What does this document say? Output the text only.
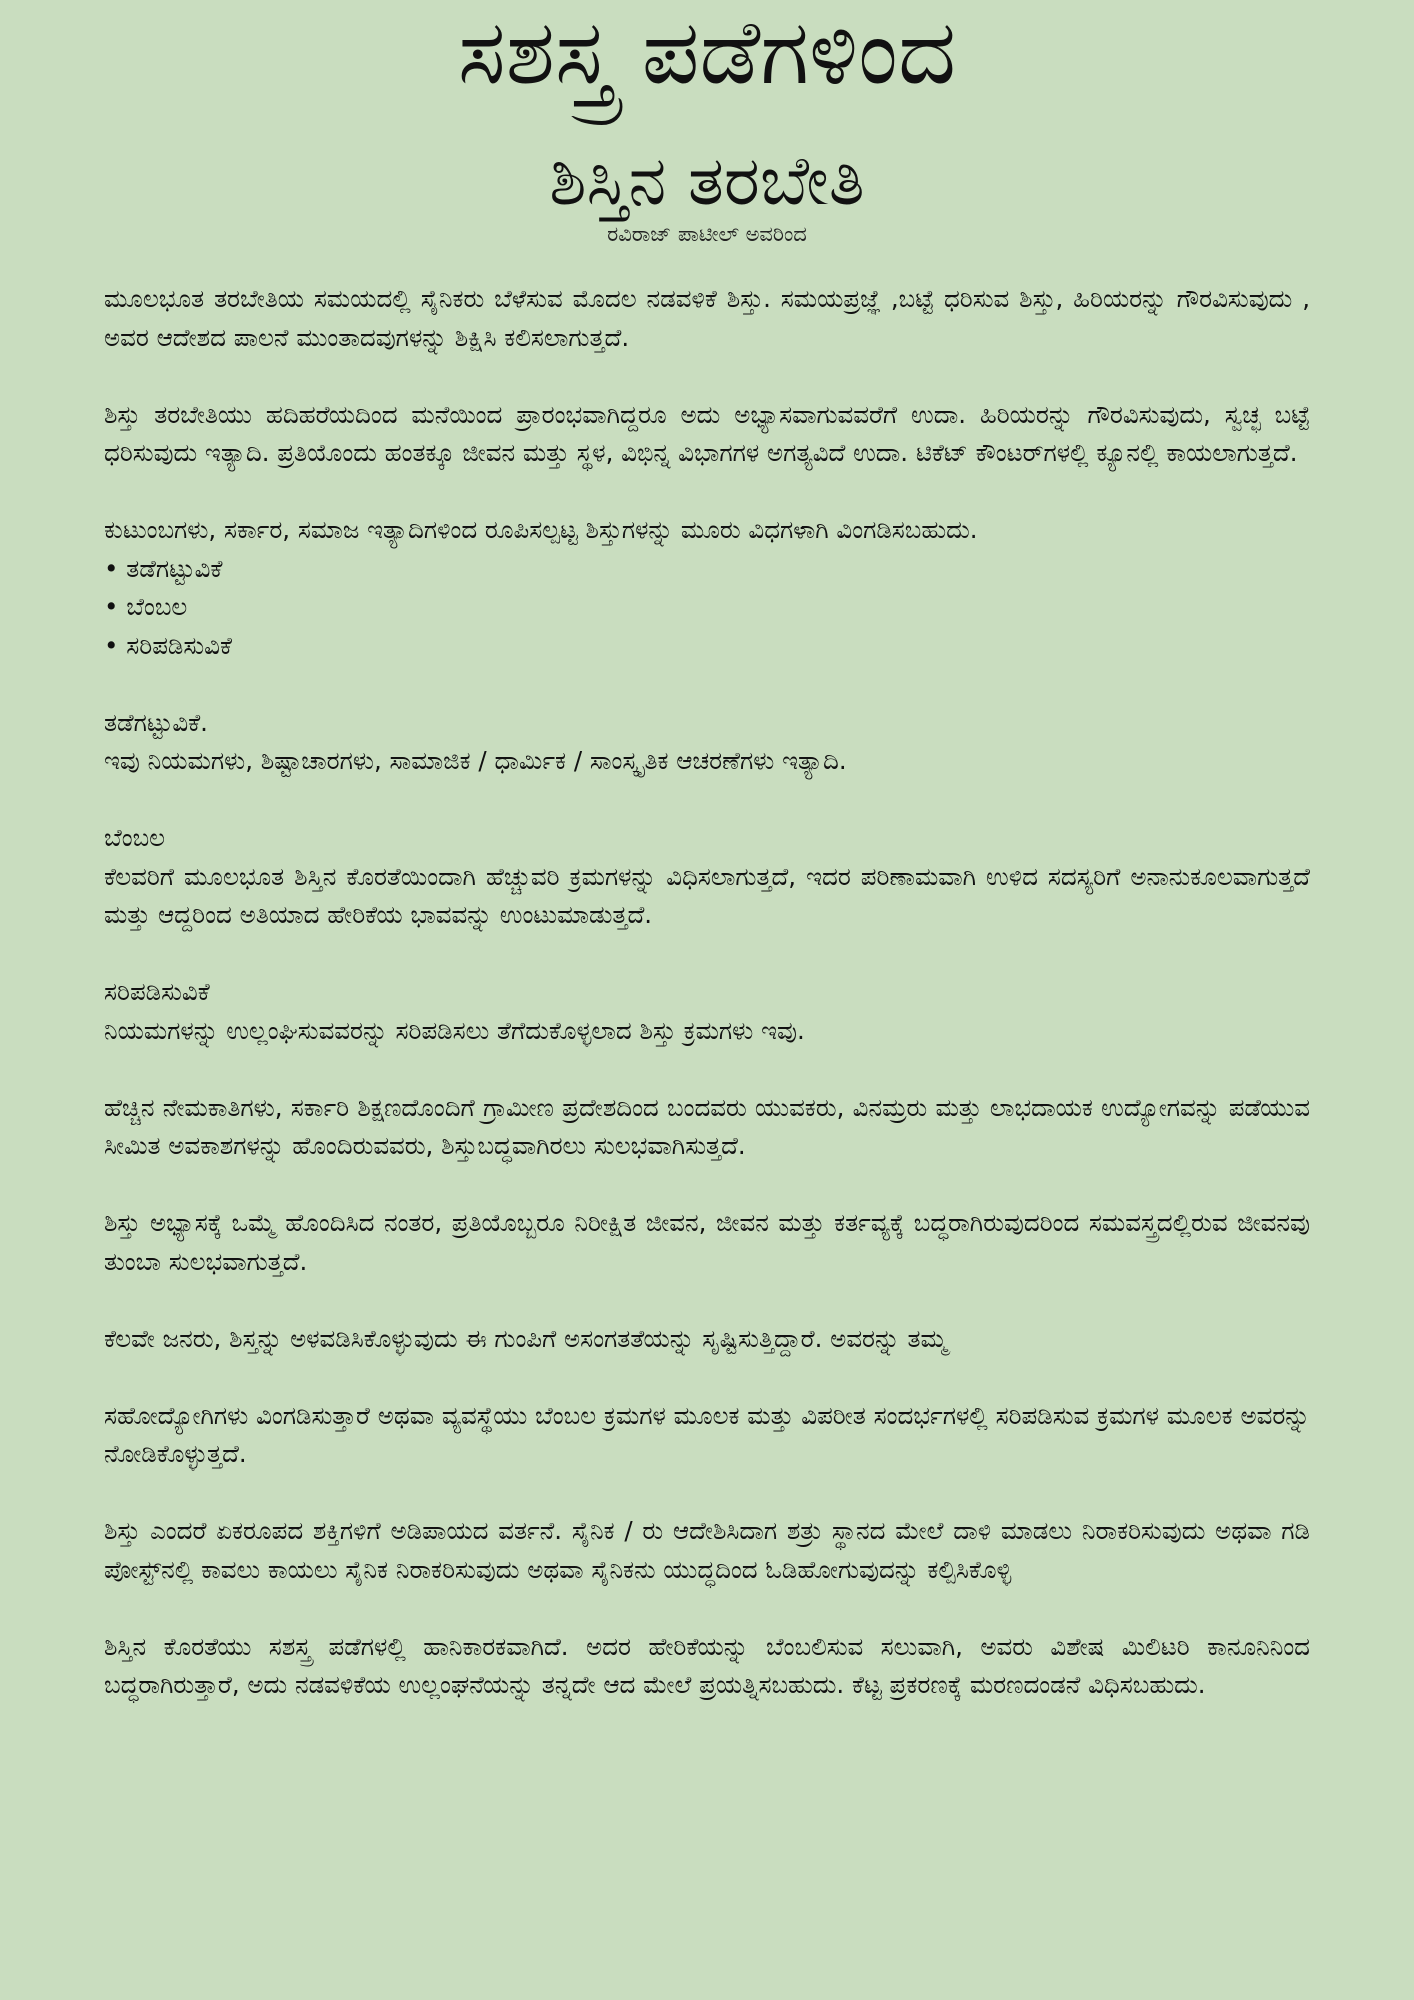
ಸಶಸ್ತ್ರ ಪಡೆಗಳಿಂದ
ಶಿಸ್ತಿನ ತರಬೇತಿ
ರವಿರಾಜ್ ಪಾಟೀಲ್ ಅವರಿಂದ

ಮೂಲಭೂತ ತರಬೇತಿಯ ಸಮಯದಲ್ಲಿ ಸೈನಿಕರು ಬೆಳೆಸುವ ಮೊದಲ ನಡವಳಿಕೆ ಶಿಸ್ತು. ಸಮಯಪ್ರಜ್ಞೆ ,ಬಟ್ಟೆ ಧರಿಸುವ ಶಿಸ್ತು, ಹಿರಿಯರನ್ನು ಗೌರವಿಸುವುದು , ಅವರ ಆದೇಶದ ಪಾಲನೆ ಮುಂತಾದವುಗಳನ್ನು ಶಿಕ್ಷಿಸಿ ಕಲಿಸಲಾಗುತ್ತದೆ.

ಶಿಸ್ತು ತರಬೇತಿಯು ಹದಿಹರೆಯದಿಂದ ಮನೆಯಿಂದ ಪ್ರಾರಂಭವಾಗಿದ್ದರೂ ಅದು ಅಭ್ಯಾಸವಾಗುವವರೆಗೆ ಉದಾ. ಹಿರಿಯರನ್ನು ಗೌರವಿಸುವುದು, ಸ್ವಚ್ಛ ಬಟ್ಟೆ ಧರಿಸುವುದು ಇತ್ಯಾದಿ. ಪ್ರತಿಯೊಂದು ಹಂತಕ್ಕೂ ಜೀವನ ಮತ್ತು ಸ್ಥಳ, ವಿಭಿನ್ನ ವಿಭಾಗಗಳ ಅಗತ್ಯವಿದೆ ಉದಾ. ಟಿಕೆಟ್ ಕೌಂಟರ್‌ಗಳಲ್ಲಿ ಕ್ಯೂನಲ್ಲಿ ಕಾಯಲಾಗುತ್ತದೆ.

ಕುಟುಂಬಗಳು, ಸರ್ಕಾರ, ಸಮಾಜ ಇತ್ಯಾದಿಗಳಿಂದ ರೂಪಿಸಲ್ಪಟ್ಟ ಶಿಸ್ತುಗಳನ್ನು ಮೂರು ವಿಧಗಳಾಗಿ ವಿಂಗಡಿಸಬಹುದು.

• ತಡೆಗಟ್ಟುವಿಕೆ
• ಬೆಂಬಲ
• ಸರಿಪಡಿಸುವಿಕೆ
ತಡೆಗಟ್ಟುವಿಕೆ.

ಇವು ನಿಯಮಗಳು, ಶಿಷ್ಟಾಚಾರಗಳು, ಸಾಮಾಜಿಕ / ಧಾರ್ಮಿಕ / ಸಾಂಸ್ಕೃತಿಕ ಆಚರಣೆಗಳು ಇತ್ಯಾದಿ.

ಬೆಂಬಲ

ಕೆಲವರಿಗೆ ಮೂಲಭೂತ ಶಿಸ್ತಿನ ಕೊರತೆಯಿಂದಾಗಿ ಹೆಚ್ಚುವರಿ ಕ್ರಮಗಳನ್ನು ವಿಧಿಸಲಾಗುತ್ತದೆ, ಇದರ ಪರಿಣಾಮವಾಗಿ ಉಳಿದ ಸದಸ್ಯರಿಗೆ ಅನಾನುಕೂಲವಾಗುತ್ತದೆ ಮತ್ತು ಆದ್ದರಿಂದ ಅತಿಯಾದ ಹೇರಿಕೆಯ ಭಾವವನ್ನು ಉಂಟುಮಾಡುತ್ತದೆ.

ಸರಿಪಡಿಸುವಿಕೆ

ನಿಯಮಗಳನ್ನು ಉಲ್ಲಂಘಿಸುವವರನ್ನು ಸರಿಪಡಿಸಲು ತೆಗೆದುಕೊಳ್ಳಲಾದ ಶಿಸ್ತು ಕ್ರಮಗಳು ಇವು.

ಹೆಚ್ಚಿನ ನೇಮಕಾತಿಗಳು, ಸರ್ಕಾರಿ ಶಿಕ್ಷಣದೊಂದಿಗೆ ಗ್ರಾಮೀಣ ಪ್ರದೇಶದಿಂದ ಬಂದವರು ಯುವಕರು, ವಿನಮ್ರರು ಮತ್ತು ಲಾಭದಾಯಕ ಉದ್ಯೋಗವನ್ನು ಪಡೆಯುವ ಸೀಮಿತ ಅವಕಾಶಗಳನ್ನು ಹೊಂದಿರುವವರು, ಶಿಸ್ತುಬದ್ಧವಾಗಿರಲು ಸುಲಭವಾಗಿಸುತ್ತದೆ.

ಶಿಸ್ತು ಅಭ್ಯಾಸಕ್ಕೆ ಒಮ್ಮೆ ಹೊಂದಿಸಿದ ನಂತರ, ಪ್ರತಿಯೊಬ್ಬರೂ ನಿರೀಕ್ಷಿತ ಜೀವನ, ಜೀವನ ಮತ್ತು ಕರ್ತವ್ಯಕ್ಕೆ ಬದ್ಧರಾಗಿರುವುದರಿಂದ ಸಮವಸ್ತ್ರದಲ್ಲಿರುವ ಜೀವನವು ತುಂಬಾ ಸುಲಭವಾಗುತ್ತದೆ.

ಕೆಲವೇ ಜನರು, ಶಿಸ್ತನ್ನು ಅಳವಡಿಸಿಕೊಳ್ಳುವುದು ಈ ಗುಂಪಿಗೆ ಅಸಂಗತತೆಯನ್ನು ಸೃಷ್ಟಿಸುತ್ತಿದ್ದಾರೆ. ಅವರನ್ನು ತಮ್ಮ

ಸಹೋದ್ಯೋಗಿಗಳು ವಿಂಗಡಿಸುತ್ತಾರೆ ಅಥವಾ ವ್ಯವಸ್ಥೆಯು ಬೆಂಬಲ ಕ್ರಮಗಳ ಮೂಲಕ ಮತ್ತು ವಿಪರೀತ ಸಂದರ್ಭಗಳಲ್ಲಿ ಸರಿಪಡಿಸುವ ಕ್ರಮಗಳ ಮೂಲಕ ಅವರನ್ನು ನೋಡಿಕೊಳ್ಳುತ್ತದೆ.

ಶಿಸ್ತು ಎಂದರೆ ಏಕರೂಪದ ಶಕ್ತಿಗಳಿಗೆ ಅಡಿಪಾಯದ ವರ್ತನೆ. ಸೈನಿಕ / ರು ಆದೇಶಿಸಿದಾಗ ಶತ್ರು ಸ್ಥಾನದ ಮೇಲೆ ದಾಳಿ ಮಾಡಲು ನಿರಾಕರಿಸುವುದು ಅಥವಾ ಗಡಿ ಪೋಸ್ಟ್‌ನಲ್ಲಿ ಕಾವಲು ಕಾಯಲು ಸೈನಿಕ ನಿರಾಕರಿಸುವುದು ಅಥವಾ ಸೈನಿಕನು ಯುದ್ಧದಿಂದ ಓಡಿಹೋಗುವುದನ್ನು ಕಲ್ಪಿಸಿಕೊಳ್ಳಿ

ಶಿಸ್ತಿನ ಕೊರತೆಯು ಸಶಸ್ತ್ರ ಪಡೆಗಳಲ್ಲಿ ಹಾನಿಕಾರಕವಾಗಿದೆ. ಅದರ ಹೇರಿಕೆಯನ್ನು ಬೆಂಬಲಿಸುವ ಸಲುವಾಗಿ, ಅವರು ವಿಶೇಷ ಮಿಲಿಟರಿ ಕಾನೂನಿನಿಂದ ಬದ್ಧರಾಗಿರುತ್ತಾರೆ, ಅದು ನಡವಳಿಕೆಯ ಉಲ್ಲಂಘನೆಯನ್ನು ತನ್ನದೇ ಆದ ಮೇಲೆ ಪ್ರಯತ್ನಿಸಬಹುದು. ಕೆಟ್ಟ ಪ್ರಕರಣಕ್ಕೆ ಮರಣದಂಡನೆ ವಿಧಿಸಬಹುದು.
